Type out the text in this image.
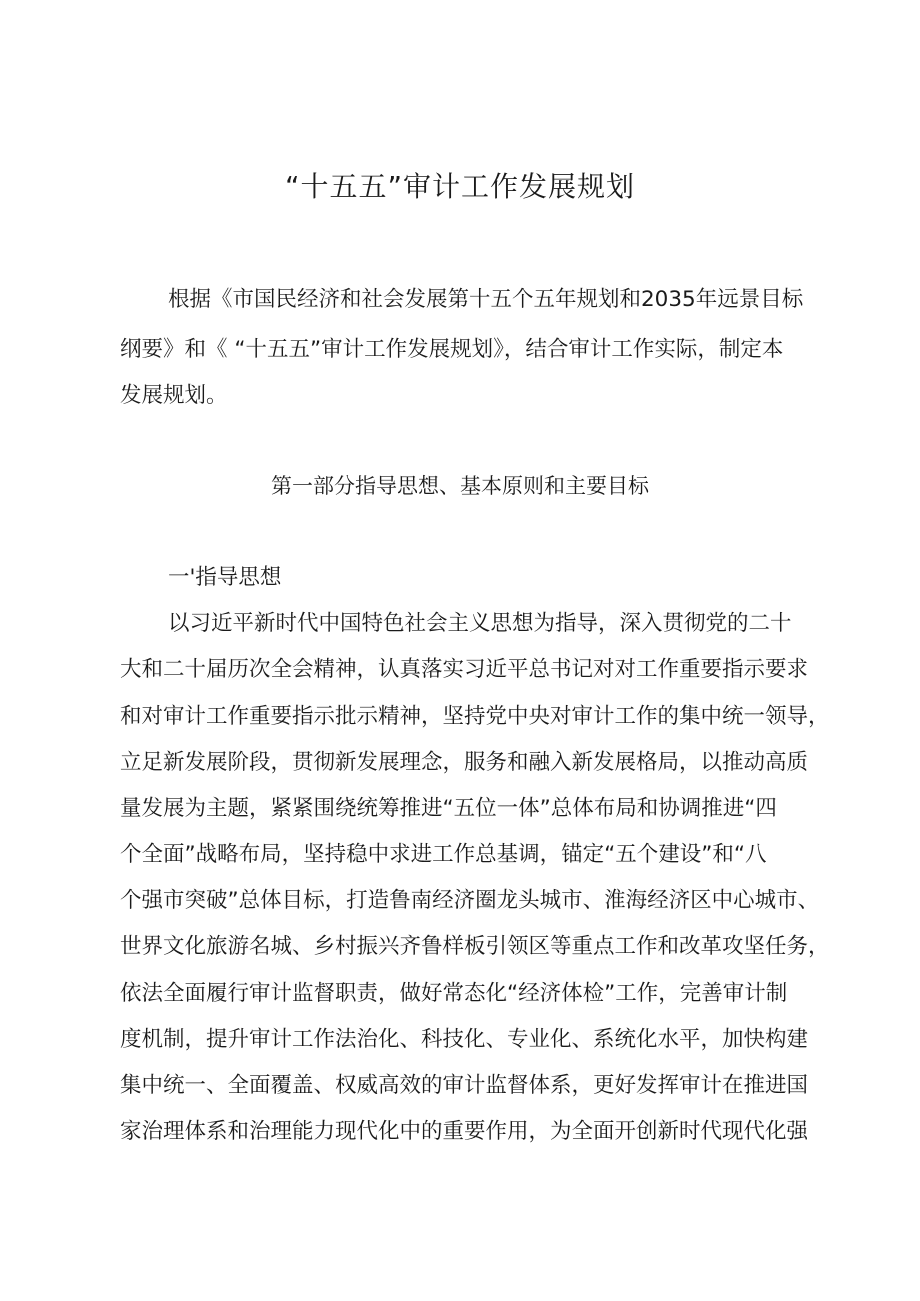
“十五五”审计工作发展规划
根据《市国民经济和社会发展第十五个五年规划和2035年远景目标
纲要》和《 “十五五”审计工作发展规划》，结合审计工作实际，制定本
发展规划。
第一部分指导思想、基本原则和主要目标
一'指导思想
以习近平新时代中国特色社会主义思想为指导，深入贯彻党的二十
大和二十届历次全会精神，认真落实习近平总书记对对工作重要指示要求
和对审计工作重要指示批示精神，坚持党中央对审计工作的集中统一领导，
立足新发展阶段，贯彻新发展理念，服务和融入新发展格局，以推动高质
量发展为主题，紧紧围绕统筹推进“五位一体”总体布局和协调推进“四
个全面”战略布局，坚持稳中求进工作总基调，锚定“五个建设”和“八
个强市突破”总体目标，打造鲁南经济圈龙头城市、淮海经济区中心城市、
世界文化旅游名城、乡村振兴齐鲁样板引领区等重点工作和改革攻坚任务，
依法全面履行审计监督职责，做好常态化“经济体检”工作，完善审计制
度机制，提升审计工作法治化、科技化、专业化、系统化水平，加快构建
集中统一、全面覆盖、权威高效的审计监督体系，更好发挥审计在推进国
家治理体系和治理能力现代化中的重要作用，为全面开创新时代现代化强
